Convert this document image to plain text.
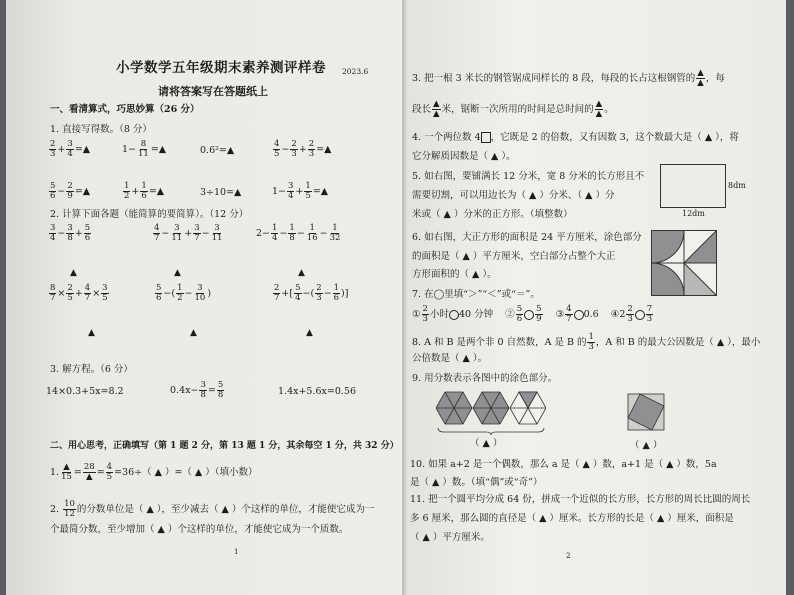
小学数学五年级期末素养测评样卷 2023.6
请将答案写在答题纸上
一、看清算式，巧思妙算（26 分）
1. 直接写得数。（8 分）
$\frac{2}{3} + \frac{3}{4}$ =▲	$1- \frac{8}{11}$ =▲	0.6²=▲	$\frac{4}{5} - \frac{2}{3} + \frac{2}{3}$ =▲
$\frac{5}{6} - \frac{2}{9}$ =▲	$\frac{1}{2} + \frac{1}{6}$ =▲	3÷10=▲	$1- \frac{3}{4} + \frac{1}{5}$ =▲
2. 计算下面各题（能简算的要简算）。（12 分）
$\frac{3}{4} - \frac{3}{8} + \frac{5}{6}$	$\frac{4}{7} - \frac{3}{11} + \frac{3}{7} - \frac{3}{11}$	$2- \frac{1}{4} - \frac{1}{8} - \frac{1}{16} - \frac{1}{32}$
▲	▲	▲
$\frac{8}{7} \times \frac{2}{5} + \frac{4}{7} \times \frac{3}{5}$	$\frac{5}{6}$ −( $\frac{1}{2} - \frac{3}{10}$ )	$\frac{2}{7}$ +[ $\frac{5}{4}$ −( $\frac{2}{3} - \frac{1}{6}$ )]
▲	▲	▲
3. 解方程。（6 分）
14×0.3+5x=8.2	$0.4x- \frac{3}{8} = \frac{5}{8}$	1.4x+5.6x=0.56
二、用心思考，正确填写（第 1 题 2 分，第 13 题 1 分，其余每空 1 分，共 32 分）
1. $\frac{▲}{15} = \frac{28}{▲} = \frac{4}{5} =36\div$（ ▲ ）=（ ▲ ）（填小数）
2. $\frac{10}{12}$ 的分数单位是（ ▲ ），至少减去（ ▲ ）个这样的单位，才能使它成为一
个最简分数，至少增加（ ▲ ）个这样的单位，才能使它成为一个质数。
1
3. 把一根 3 米长的钢管锯成同样长的 8 段，每段的长占这根钢管的 $\frac{▲}{▲}$ ，每
段长 $\frac{▲}{▲}$ 米，锯断一次所用的时间是总时间的 $\frac{▲}{▲}$ 。
4. 一个两位数 4 ，它既是 2 的倍数，又有因数 3，这个数最大是（ ▲ ），将
它分解质因数是（ ▲ ）。
5. 如右图，要铺满长 12 分米，宽 8 分米的长方形且不
需要切割，可以用边长为（ ▲ ）分米、（ ▲ ）分
米或（ ▲ ）分米的正方形。（填整数）
8dm
12dm
6. 如右图，大正方形的面积是 24 平方厘米，涂色部分
的面积是（ ▲ ）平方厘米，空白部分占整个大正
方形面积的（ ▲ ）。
7. 在◯里填“＞”“＜”或“＝”。
① $\frac{2}{3}$ 小时 40 分钟 ② $\frac{5}{6} \frac{5}{9}$ ③ $\frac{4}{7} 0.6$ ④2 $\frac{2}{3} \frac{7}{3}$
8. A 和 B 是两个非 0 自然数，A 是 B 的 $\frac{1}{3}$ ，A 和 B 的最大公因数是（ ▲ ），最小
公倍数是（ ▲ ）。
9. 用分数表示各图中的涂色部分。
（ ▲ ）	（ ▲ ）
10. 如果 a+2 是一个偶数，那么 a 是（ ▲ ）数，a+1 是（ ▲ ）数，5a
是（ ▲ ）数。（填“偶”或“奇”）
11. 把一个圆平均分成 64 份，拼成一个近似的长方形，长方形的周长比圆的周长
多 6 厘米，那么圆的直径是（ ▲ ）厘米。长方形的长是（ ▲ ）厘米，面积是
（ ▲ ）平方厘米。
2
